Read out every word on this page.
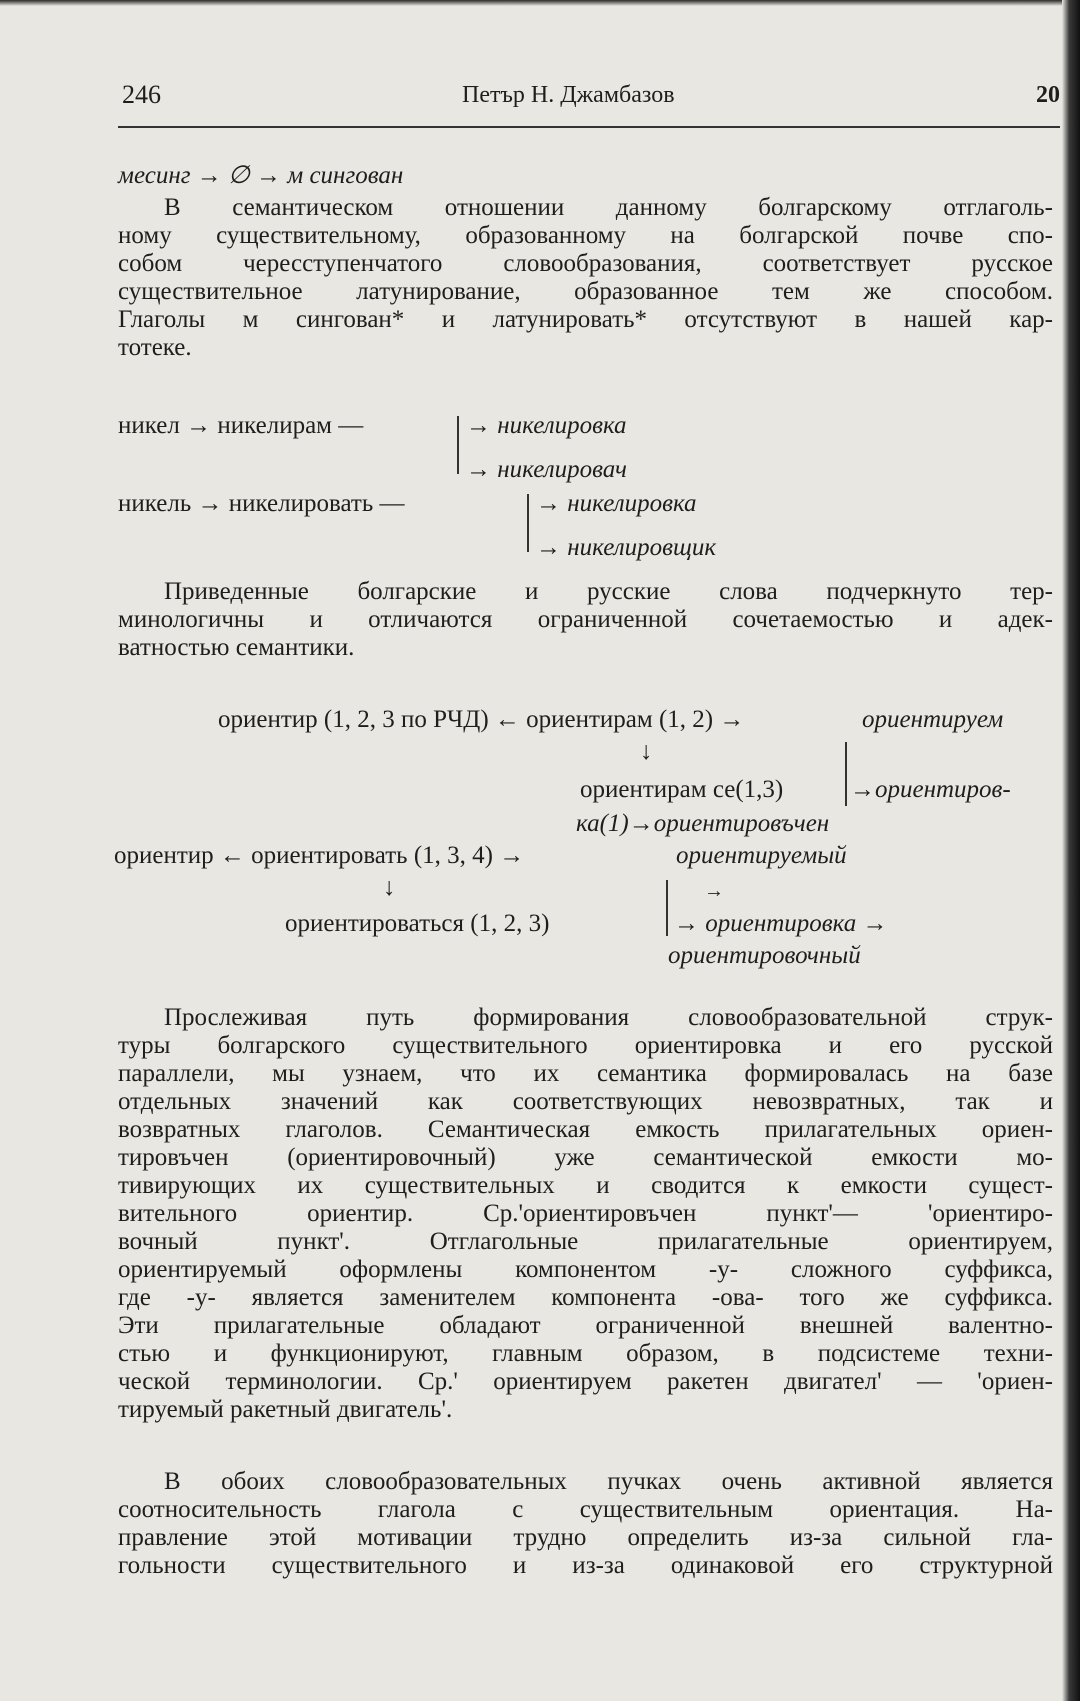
246	Петър Н. Джамбазов	20
месинг → ∅ → м сингован
В семантическом отношении данному болгарскому отглаголь-
ному существительному, образованному на болгарской почве спо-
собом чересступенчатого словообразования, соответствует русское
существительное латунирование, образованное тем же способом.
Глаголы м сингован* и латунировать* отсутствуют в нашей кар-
тотеке.
никел → никелирам —	→ никелировка
→ никелировач
никель → никелировать —	→ никелировка
→ никелировщик
Приведенные болгарские и русские слова подчеркнуто тер-
минологичны и отличаются ограниченной сочетаемостью и адек-
ватностью семантики.
ориентир (1, 2, 3 по РЧД) ← ориентирам (1, 2) →	ориентируем
↓
ориентирам се(1,3)	→ориентиров-
ка(1)→ориентировъчен
ориентир ← ориентировать (1, 3, 4) →	ориентируемый
↓	→
ориентироваться (1, 2, 3)	→ ориентировка →
ориентировочный
Прослеживая путь формирования словообразовательной струк-
туры болгарского существительного ориентировка и его русской
параллели, мы узнаем, что их семантика формировалась на базе
отдельных значений как соответствующих невозвратных, так и
возвратных глаголов. Семантическая емкость прилагательных ориен-
тировъчен (ориентировочный) уже семантической емкости мо-
тивирующих их существительных и сводится к емкости сущест-
вительного ориентир. Ср.'ориентировъчен пункт'— 'ориентиро-
вочный пункт'. Отглагольные прилагательные ориентируем,
ориентируемый оформлены компонентом -у- сложного суффикса,
где -у- является заменителем компонента -ова- того же суффикса.
Эти прилагательные обладают ограниченной внешней валентно-
стью и функционируют, главным образом, в подсистеме техни-
ческой терминологии. Ср.' ориентируем ракетен двигател' — 'ориен-
тируемый ракетный двигатель'.
В обоих словообразовательных пучках очень активной является
соотносительность глагола с существительным ориентация. На-
правление этой мотивации трудно определить из-за сильной гла-
гольности существительного и из-за одинаковой его структурной
